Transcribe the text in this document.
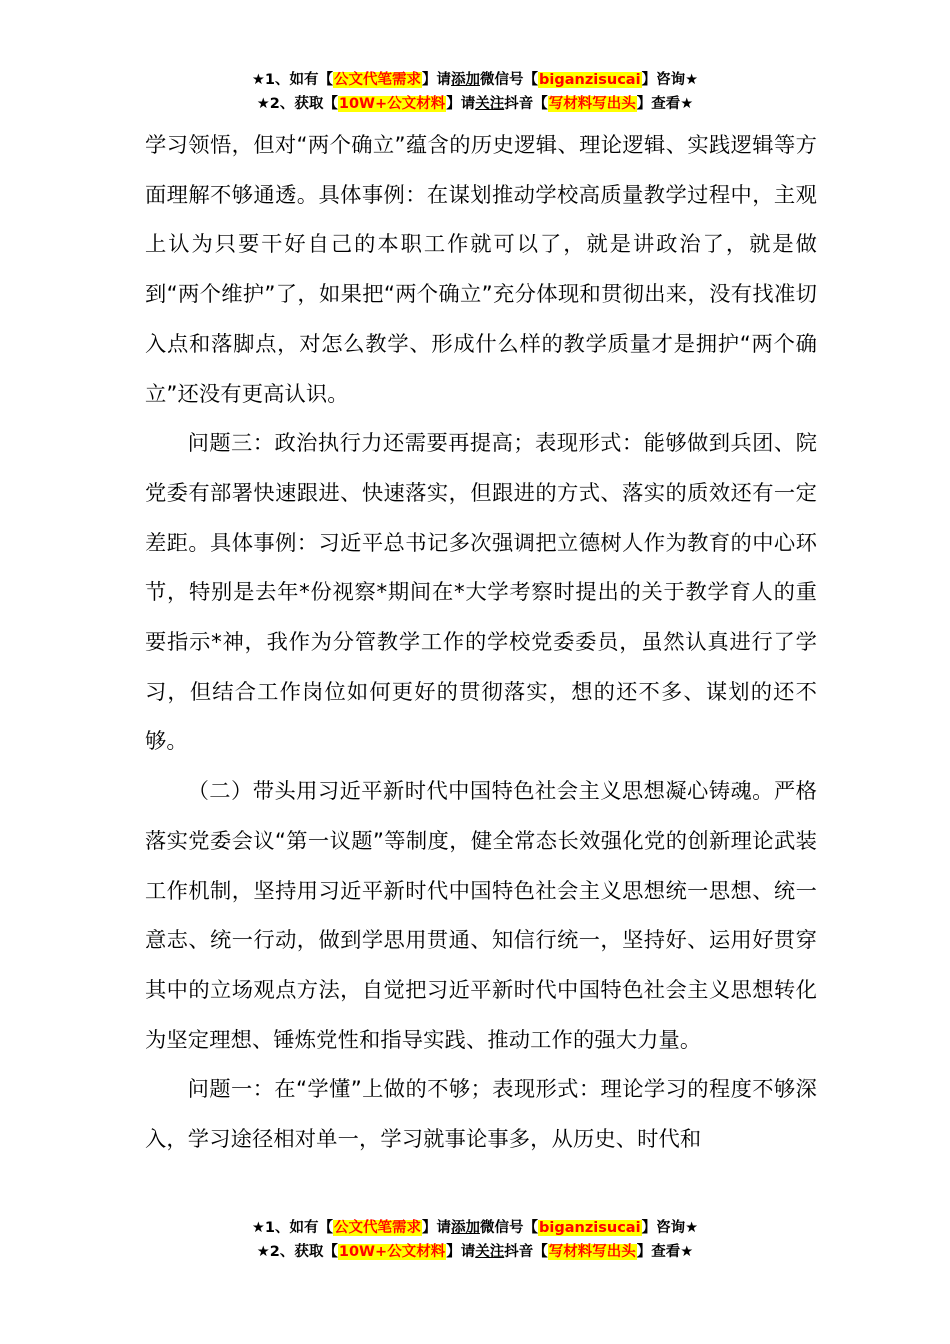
★1、如有【公文代笔需求】请添加微信号【biganzisucai】咨询★
★2、获取【10W+公文材料】请关注抖音【写材料写出头】查看★

学习领悟，但对“两个确立”蕴含的历史逻辑、理论逻辑、实践逻辑等方面理解不够通透。具体事例：在谋划推动学校高质量教学过程中，主观上认为只要干好自己的本职工作就可以了，就是讲政治了，就是做到“两个维护”了，如果把“两个确立”充分体现和贯彻出来，没有找准切入点和落脚点，对怎么教学、形成什么样的教学质量才是拥护“两个确立”还没有更高认识。

问题三：政治执行力还需要再提高；表现形式：能够做到兵团、院党委有部署快速跟进、快速落实，但跟进的方式、落实的质效还有一定差距。具体事例：习近平总书记多次强调把立德树人作为教育的中心环节，特别是去年*份视察*期间在*大学考察时提出的关于教学育人的重要指示*神，我作为分管教学工作的学校党委委员，虽然认真进行了学习，但结合工作岗位如何更好的贯彻落实，想的还不多、谋划的还不够。

（二）带头用习近平新时代中国特色社会主义思想凝心铸魂。严格落实党委会议“第一议题”等制度，健全常态长效强化党的创新理论武装工作机制，坚持用习近平新时代中国特色社会主义思想统一思想、统一意志、统一行动，做到学思用贯通、知信行统一，坚持好、运用好贯穿其中的立场观点方法，自觉把习近平新时代中国特色社会主义思想转化为坚定理想、锤炼党性和指导实践、推动工作的强大力量。

问题一：在“学懂”上做的不够；表现形式：理论学习的程度不够深入，学习途径相对单一，学习就事论事多，从历史、时代和

★1、如有【公文代笔需求】请添加微信号【biganzisucai】咨询★
★2、获取【10W+公文材料】请关注抖音【写材料写出头】查看★
